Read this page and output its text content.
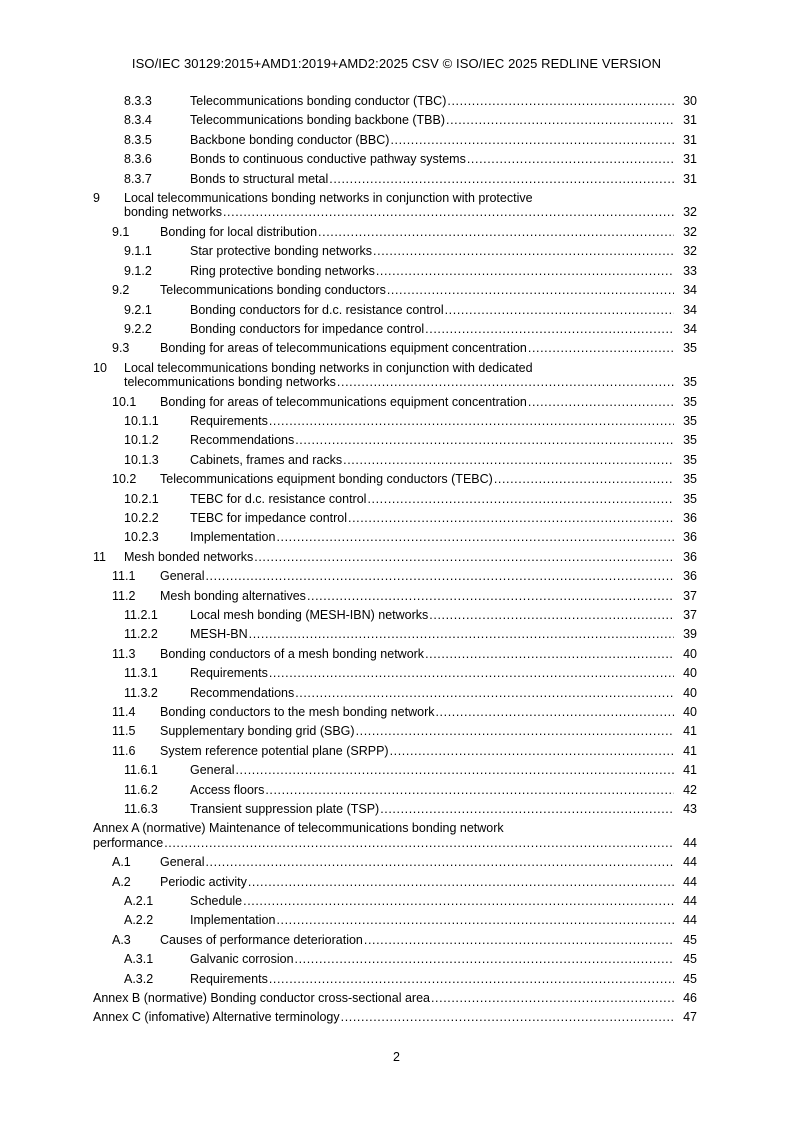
ISO/IEC 30129:2015+AMD1:2019+AMD2:2025 CSV © ISO/IEC 2025 REDLINE VERSION
8.3.3	Telecommunications bonding conductor (TBC) .....	30
8.3.4	Telecommunications bonding backbone (TBB) .....	31
8.3.5	Backbone bonding conductor (BBC) .....	31
8.3.6	Bonds to continuous conductive pathway systems .....	31
8.3.7	Bonds to structural metal .....	31
9 Local telecommunications bonding networks in conjunction with protective
bonding networks .....	32
9.1 Bonding for local distribution .....	32
9.1.1	Star protective bonding networks .....	32
9.1.2	Ring protective bonding networks .....	33
9.2 Telecommunications bonding conductors .....	34
9.2.1	Bonding conductors for d.c. resistance control .....	34
9.2.2	Bonding conductors for impedance control .....	34
9.3 Bonding for areas of telecommunications equipment concentration .....	35
10 Local telecommunications bonding networks in conjunction with dedicated
telecommunications bonding networks .....	35
10.1 Bonding for areas of telecommunications equipment concentration .....	35
10.1.1 Requirements .....	35
10.1.2 Recommendations .....	35
10.1.3 Cabinets, frames and racks .....	35
10.2 Telecommunications equipment bonding conductors (TEBC) .....	35
10.2.1 TEBC for d.c. resistance control .....	35
10.2.2 TEBC for impedance control .....	36
10.2.3 Implementation .....	36
11 Mesh bonded networks .....	36
11.1 General .....	36
11.2 Mesh bonding alternatives .....	37
11.2.1	Local mesh bonding (MESH-IBN) networks .....	37
11.2.2	MESH-BN .....	39
11.3 Bonding conductors of a mesh bonding network .....	40
11.3.1	Requirements .....	40
11.3.2	Recommendations .....	40
11.4 Bonding conductors to the mesh bonding network .....	40
11.5 Supplementary bonding grid (SBG) .....	41
11.6 System reference potential plane (SRPP) .....	41
11.6.1	General .....	41
11.6.2	Access floors .....	42
11.6.3	Transient suppression plate (TSP) .....	43
Annex A (normative) Maintenance of telecommunications bonding network
performance .....	44
A.1 General .....	44
A.2 Periodic activity .....	44
A.2.1	Schedule .....	44
A.2.2	Implementation .....	44
A.3 Causes of performance deterioration .....	45
A.3.1	Galvanic corrosion .....	45
A.3.2	Requirements .....	45
Annex B (normative) Bonding conductor cross-sectional area .....	46
Annex C (infomative) Alternative terminology .....	47
2
